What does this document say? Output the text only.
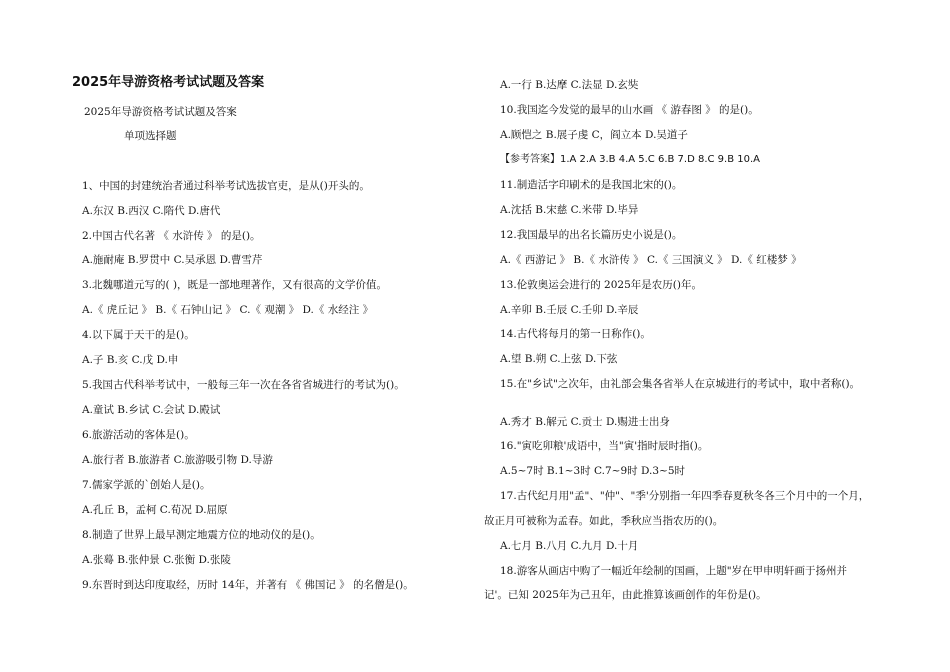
2025年导游资格考试试题及答案
2025年导游资格考试试题及答案
单项选择题
1、中国的封建统治者通过科举考试选拔官吏，是从()开头的。
A.东汉 B.西汉 C.隋代 D.唐代
2.中国古代名著 《 水浒传 》 的是()。
A.施耐庵 B.罗贯中 C.吴承恩 D.曹雪芹
3.北魏哪道元写的( )，既是一部地理著作，又有很高的文学价值。
A.《 虎丘记 》 B.《 石钟山记 》 C.《 观潮 》 D.《 水经注 》
4.以下属于天干的是()。
A.子 B.亥 C.戊 D.申
5.我国古代科举考试中，一般每三年一次在各省省城进行的考试为()。
A.童试 B.乡试 C.会试 D.殿试
6.旅游活动的客体是()。
A.旅行者 B.旅游者 C.旅游吸引物 D.导游
7.儒家学派的`创始人是()。
A.孔丘 B，孟柯 C.荀况 D.屈原
8.制造了世界上最早测定地震方位的地动仪的是()。
A.张蓦 B.张仲景 C.张衡 D.张陵
9.东晋时到达印度取经，历时 14年，并著有 《 佛国记 》 的名僧是()。
A.一行 B.达摩 C.法显 D.玄奘
10.我国迄今发觉的最早的山水画 《 游春图 》 的是()。
A.顾恺之 B.展子虔 C，阎立本 D.吴道子
【参考答案】1.A 2.A 3.B 4.A 5.C 6.B 7.D 8.C 9.B 10.A
11.制造活字印刷术的是我国北宋的()。
A.沈括 B.宋慈 C.米带 D.毕异
12.我国最早的出名长篇历史小说是()。
A.《 西游记 》 B.《 水浒传 》 C.《 三国演义 》 D.《 红楼梦 》
13.伦敦奥运会进行的 2025年是农历()年。
A.辛卯 B.壬辰 C.壬卯 D.辛辰
14.古代将每月的第一日称作()。
A.望 B.朔 C.上弦 D.下弦
15.在"乡试"之次年，由礼部会集各省举人在京城进行的考试中，取中者称()。
A.秀才 B.解元 C.贡士 D.赐进士出身
16."寅吃卯粮'成语中，当"寅'指时辰时指()。
A.5~7时 B.1~3时 C.7~9时 D.3~5时
17.古代纪月用"孟"、"仲"、"季'分别指一年四季春夏秋冬各三个月中的一个月，
故正月可被称为孟春。如此，季秋应当指农历的()。
A.七月 B.八月 C.九月 D.十月
18.游客从画店中购了一幅近年绘制的国画，上题"岁在甲申明轩画于扬州并
记'。已知 2025年为己丑年，由此推算该画创作的年份是()。
